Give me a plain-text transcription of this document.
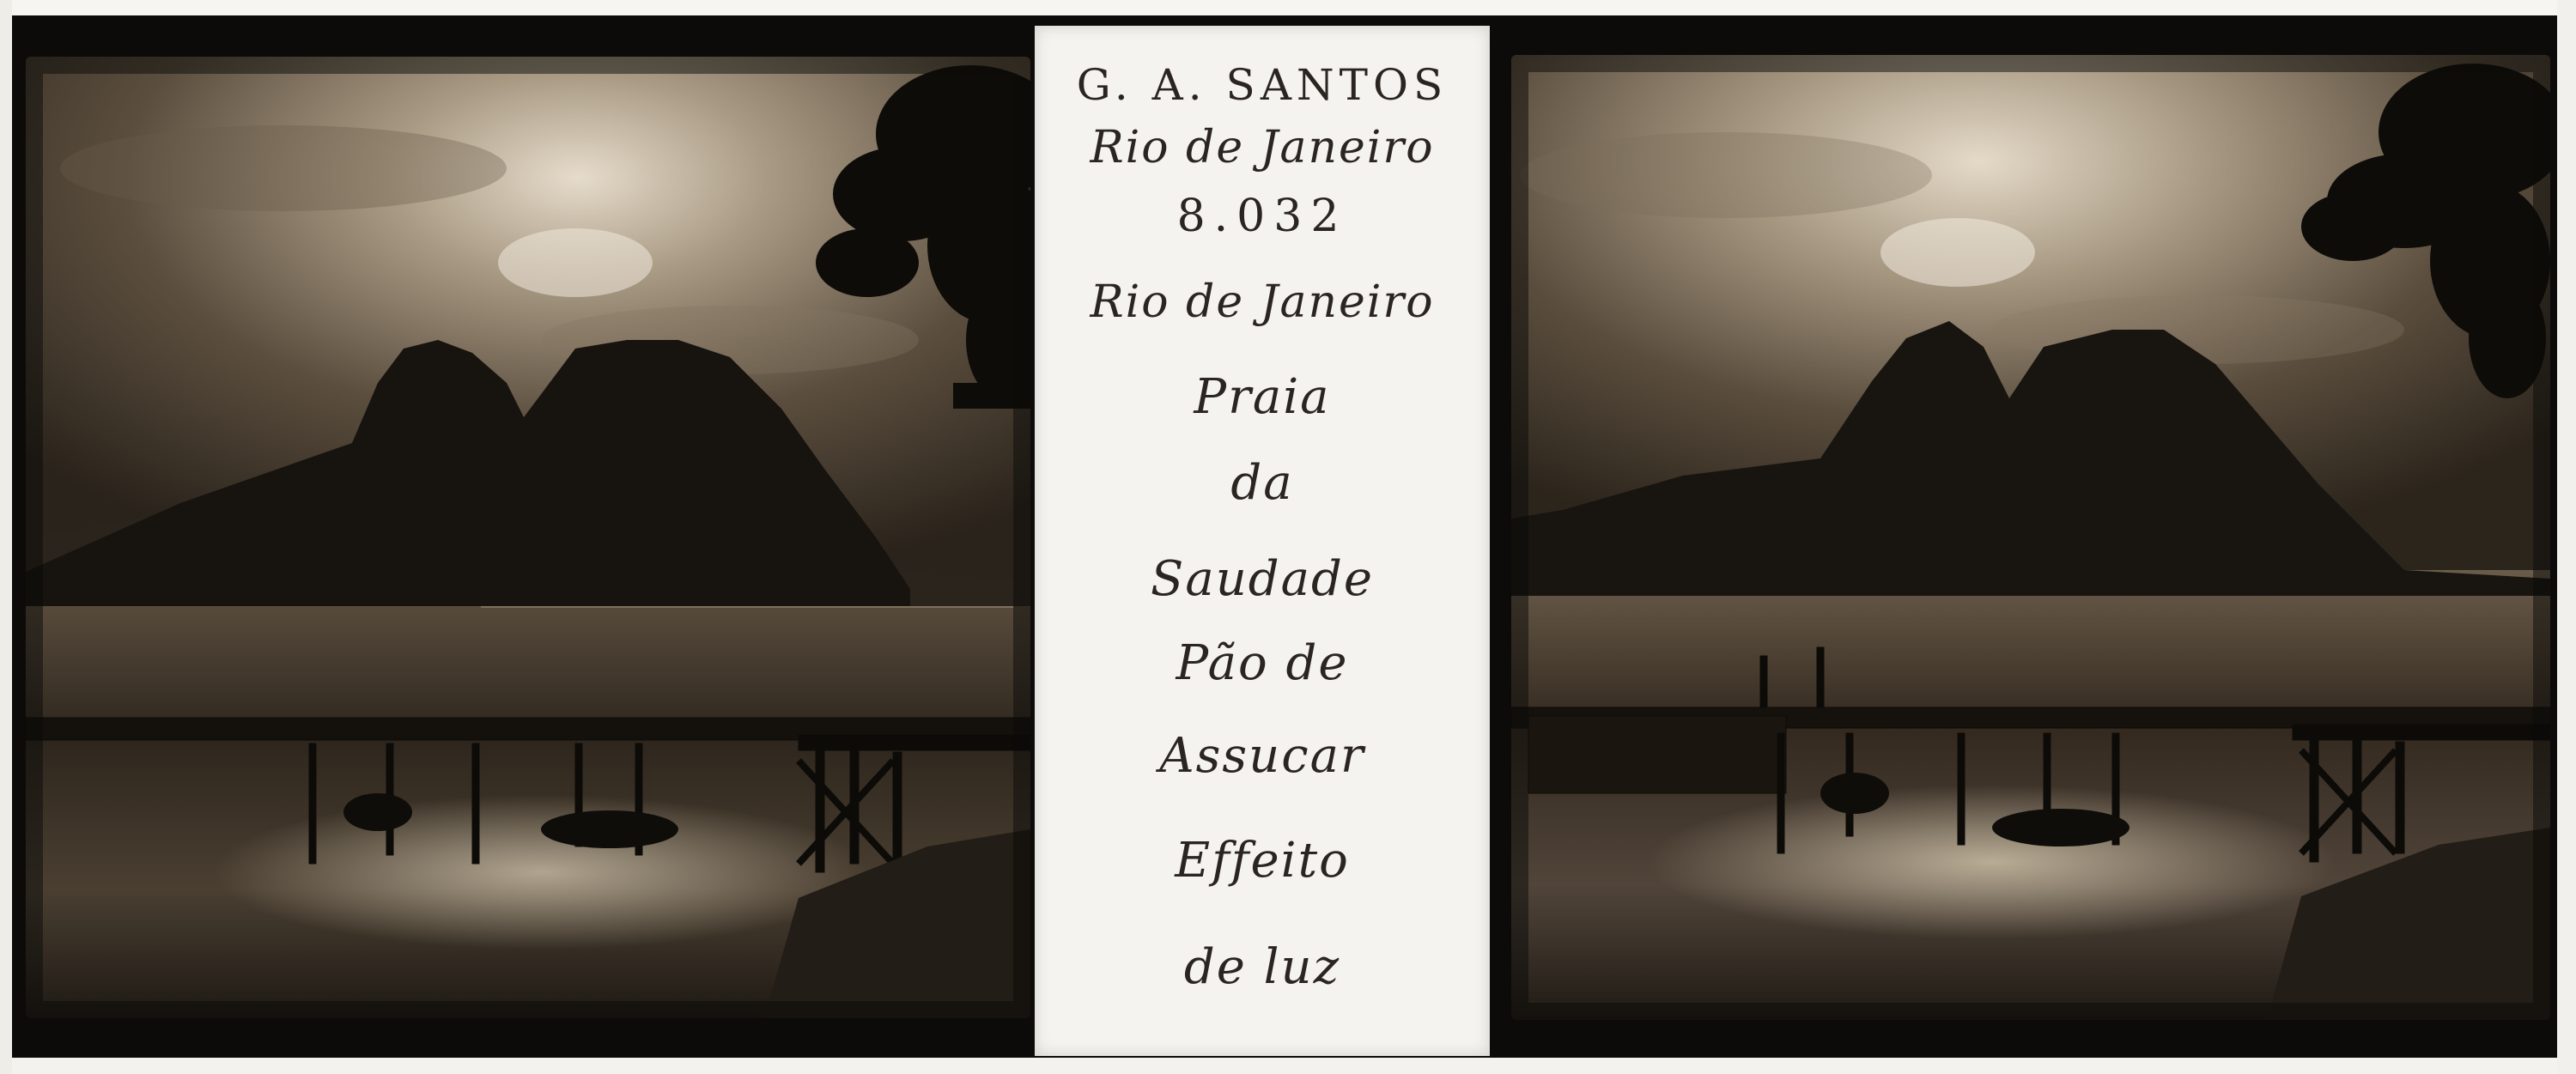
G. A. SANTOS
Rio de Janeiro
8.032
Rio de Janeiro
Praia
da
Saudade
Pão de
Assucar
Effeito
de luz
